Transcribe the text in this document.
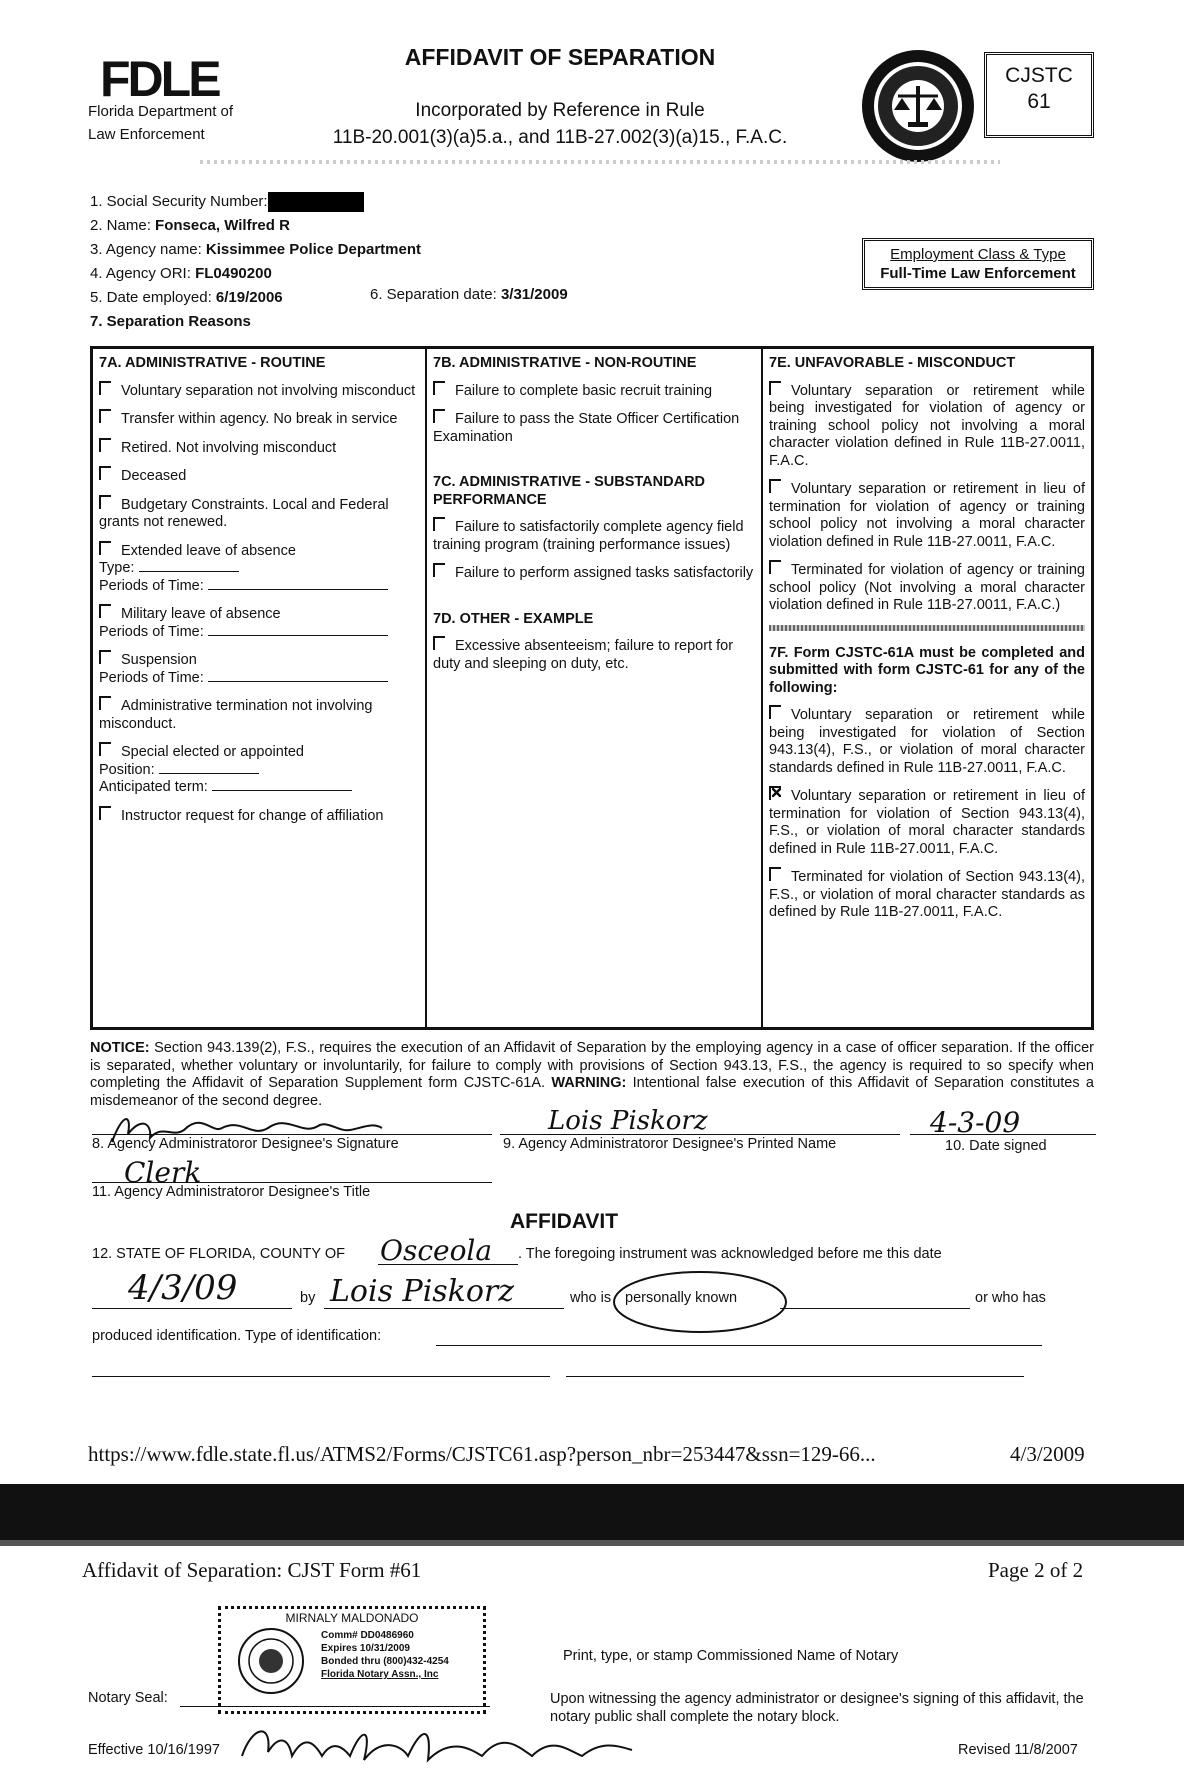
FDLE
Florida Department of
Law Enforcement
AFFIDAVIT OF SEPARATION
Incorporated by Reference in Rule
11B-20.001(3)(a)5.a., and 11B-27.002(3)(a)15., F.A.C.
CJSTC
61
1. Social Security Number:
2. Name: Fonseca, Wilfred R
3. Agency name: Kissimmee Police Department
4. Agency ORI: FL0490200
5. Date employed: 6/19/2006
7. Separation Reasons
6. Separation date: 3/31/2009
Employment Class & Type
Full-Time Law Enforcement
7A. ADMINISTRATIVE - ROUTINE
Voluntary separation not involving misconduct
Transfer within agency. No break in service
Retired. Not involving misconduct
Deceased
Budgetary Constraints. Local and Federal grants not renewed.
Extended leave of absence
Type:
Periods of Time:
Military leave of absence
Periods of Time:
Suspension
Periods of Time:
Administrative termination not involving misconduct.
Special elected or appointed
Position:
Anticipated term:
Instructor request for change of affiliation
7B. ADMINISTRATIVE - NON-ROUTINE
Failure to complete basic recruit training
Failure to pass the State Officer Certification Examination
7C. ADMINISTRATIVE - SUBSTANDARD PERFORMANCE
Failure to satisfactorily complete agency field training program (training performance issues)
Failure to perform assigned tasks satisfactorily
7D. OTHER - EXAMPLE
Excessive absenteeism; failure to report for duty and sleeping on duty, etc.
7E. UNFAVORABLE - MISCONDUCT
Voluntary separation or retirement while being investigated for violation of agency or training school policy not involving a moral character violation defined in Rule 11B-27.0011, F.A.C.
Voluntary separation or retirement in lieu of termination for violation of agency or training school policy not involving a moral character violation defined in Rule 11B-27.0011, F.A.C.
Terminated for violation of agency or training school policy (Not involving a moral character violation defined in Rule 11B-27.0011, F.A.C.)
7F. Form CJSTC-61A must be completed and submitted with form CJSTC-61 for any of the following:
Voluntary separation or retirement while being investigated for violation of Section 943.13(4), F.S., or violation of moral character standards defined in Rule 11B-27.0011, F.A.C.
Voluntary separation or retirement in lieu of termination for violation of Section 943.13(4), F.S., or violation of moral character standards defined in Rule 11B-27.0011, F.A.C.
Terminated for violation of Section 943.13(4), F.S., or violation of moral character standards as defined by Rule 11B-27.0011, F.A.C.
NOTICE: Section 943.139(2), F.S., requires the execution of an Affidavit of Separation by the employing agency in a case of officer separation. If the officer is separated, whether voluntary or involuntarily, for failure to comply with provisions of Section 943.13, F.S., the agency is required to so specify when completing the Affidavit of Separation Supplement form CJSTC-61A. WARNING: Intentional false execution of this Affidavit of Separation constitutes a misdemeanor of the second degree.
8. Agency Administratoror Designee's Signature
Lois Piskorz
9. Agency Administratoror Designee's Printed Name
4-3-09
10. Date signed
Clerk
11. Agency Administratoror Designee's Title
AFFIDAVIT
12. STATE OF FLORIDA, COUNTY OF Osceola . The foregoing instrument was acknowledged before me this date
4/3/09	by Lois Piskorz	who is personally known	or who has
produced identification. Type of identification:
https://www.fdle.state.fl.us/ATMS2/Forms/CJSTC61.asp?person_nbr=253447&ssn=129-66...	4/3/2009
Affidavit of Separation: CJST Form #61	Page 2 of 2
MIRNALY MALDONADO
Comm# DD0486960
Expires 10/31/2009
Bonded thru (800)432-4254
Florida Notary Assn., Inc
Notary Seal:
Print, type, or stamp Commissioned Name of Notary
Upon witnessing the agency administrator or designee's signing of this affidavit, the notary public shall complete the notary block.
Effective 10/16/1997	Revised 11/8/2007
